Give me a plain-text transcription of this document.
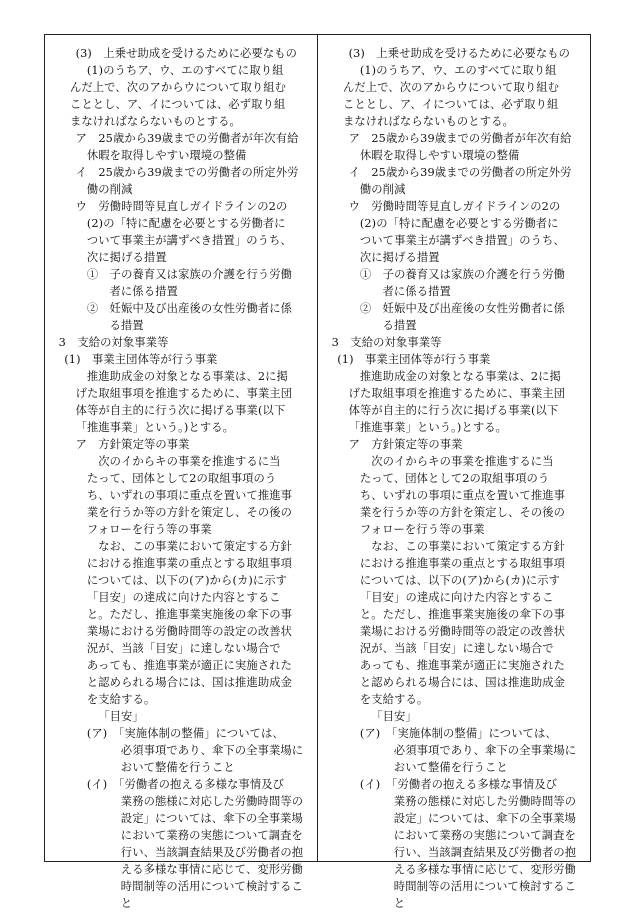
(3)　上乗せ助成を受けるために必要なもの
(1)のうちア、ウ、エのすべてに取り組
んだ上で、次のアからウについて取り組む
こととし、ア、イについては、必ず取り組
まなければならないものとする。
ア　25歳から39歳までの労働者が年次有給
休暇を取得しやすい環境の整備
イ　25歳から39歳までの労働者の所定外労
働の削減
ウ　労働時間等見直しガイドラインの2の
(2)の「特に配慮を必要とする労働者に
ついて事業主が講ずべき措置」のうち、
次に掲げる措置
①　子の養育又は家族の介護を行う労働
者に係る措置
②　妊娠中及び出産後の女性労働者に係
る措置
3　支給の対象事業等
(1)　事業主団体等が行う事業
推進助成金の対象となる事業は、2に掲
げた取組事項を推進するために、事業主団
体等が自主的に行う次に掲げる事業(以下
「推進事業」という。)とする。
ア　方針策定等の事業
次のイからキの事業を推進するに当
たって、団体として2の取組事項のう
ち、いずれの事項に重点を置いて推進事
業を行うか等の方針を策定し、その後の
フォローを行う等の事業
なお、この事業において策定する方針
における推進事業の重点とする取組事項
については、以下の(ア)から(カ)に示す
「目安」の達成に向けた内容とするこ
と。ただし、推進事業実施後の傘下の事
業場における労働時間等の設定の改善状
況が、当該「目安」に達しない場合で
あっても、推進事業が適正に実施された
と認められる場合には、国は推進助成金
を支給する。
「目安」
(ア)　「実施体制の整備」については、
必須事項であり、傘下の全事業場に
おいて整備を行うこと
(イ)　「労働者の抱える多様な事情及び
業務の態様に対応した労働時間等の
設定」については、傘下の全事業場
において業務の実態について調査を
行い、当該調査結果及び労働者の抱
える多様な事情に応じて、変形労働
時間制等の活用について検討するこ
と
(3)　上乗せ助成を受けるために必要なもの
(1)のうちア、ウ、エのすべてに取り組
んだ上で、次のアからウについて取り組む
こととし、ア、イについては、必ず取り組
まなければならないものとする。
ア　25歳から39歳までの労働者が年次有給
休暇を取得しやすい環境の整備
イ　25歳から39歳までの労働者の所定外労
働の削減
ウ　労働時間等見直しガイドラインの2の
(2)の「特に配慮を必要とする労働者に
ついて事業主が講ずべき措置」のうち、
次に掲げる措置
①　子の養育又は家族の介護を行う労働
者に係る措置
②　妊娠中及び出産後の女性労働者に係
る措置
3　支給の対象事業等
(1)　事業主団体等が行う事業
推進助成金の対象となる事業は、2に掲
げた取組事項を推進するために、事業主団
体等が自主的に行う次に掲げる事業(以下
「推進事業」という。)とする。
ア　方針策定等の事業
次のイからキの事業を推進するに当
たって、団体として2の取組事項のう
ち、いずれの事項に重点を置いて推進事
業を行うか等の方針を策定し、その後の
フォローを行う等の事業
なお、この事業において策定する方針
における推進事業の重点とする取組事項
については、以下の(ア)から(カ)に示す
「目安」の達成に向けた内容とするこ
と。ただし、推進事業実施後の傘下の事
業場における労働時間等の設定の改善状
況が、当該「目安」に達しない場合で
あっても、推進事業が適正に実施された
と認められる場合には、国は推進助成金
を支給する。
「目安」
(ア)　「実施体制の整備」については、
必須事項であり、傘下の全事業場に
おいて整備を行うこと
(イ)　「労働者の抱える多様な事情及び
業務の態様に対応した労働時間等の
設定」については、傘下の全事業場
において業務の実態について調査を
行い、当該調査結果及び労働者の抱
える多様な事情に応じて、変形労働
時間制等の活用について検討するこ
と
